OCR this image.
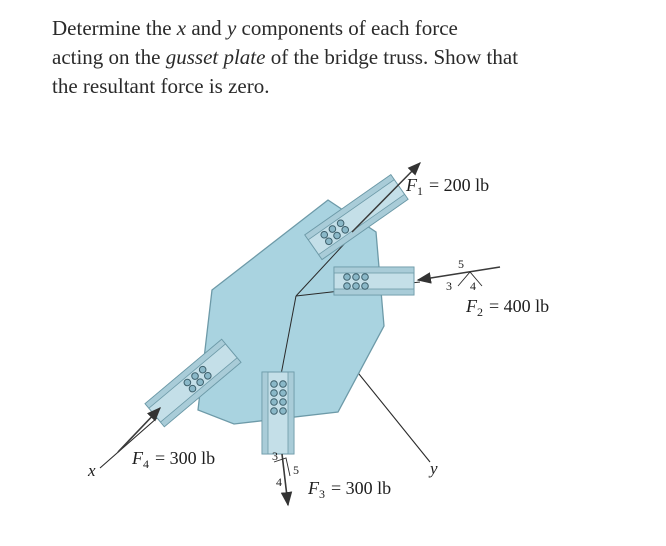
Determine the x and y components of each force
acting on the gusset plate of the bridge truss. Show that
the resultant force is zero.
5
3 4
3
5
4
x	y
$F_1 = 200$ lb
$F_2 = 400$ lb
$F_3 = 300$ lb
$F_4 = 300$ lb
